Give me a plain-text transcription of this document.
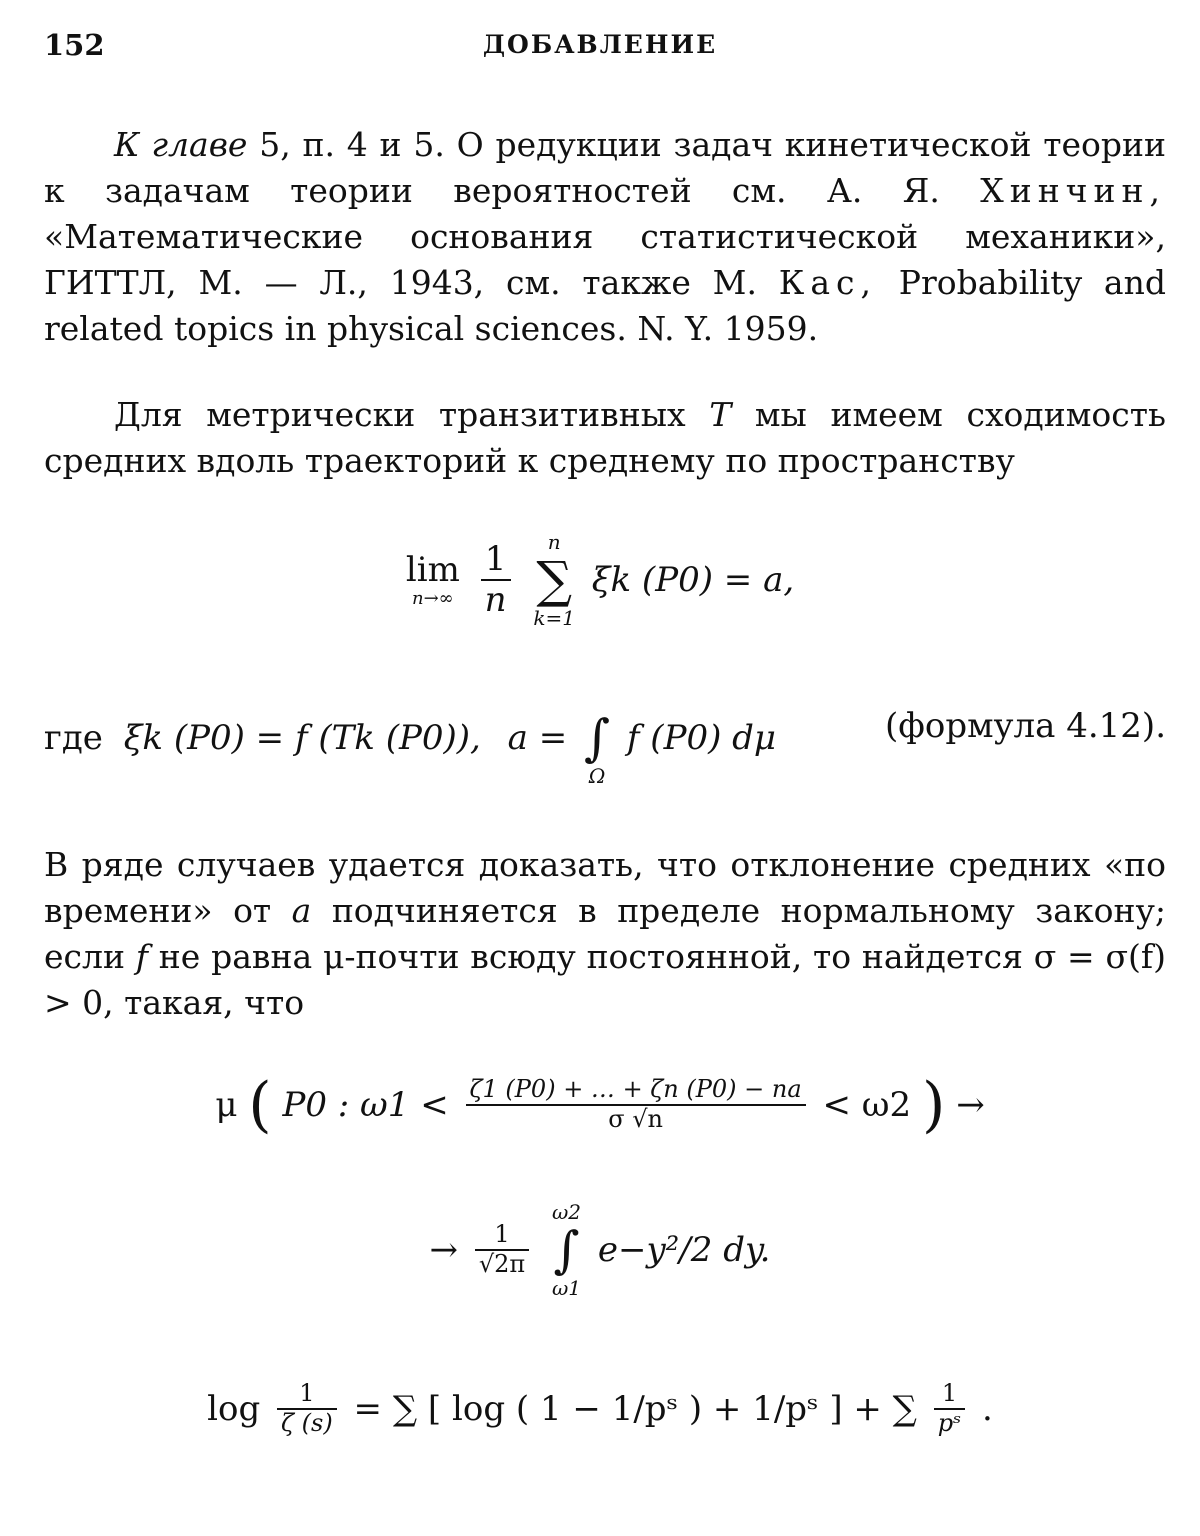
152	ДОБАВЛЕНИЕ

К главе 5, п. 4 и 5. О редукции задач кинетической теории к задачам теории вероятностей см. А. Я. Хинчин, «Математические основания статистической механики», ГИТТЛ, М. — Л., 1943, см. также М. Кас, Probability and related topics in physical sciences. N. Y. 1959.

Для метрически транзитивных T мы имеем сходимость средних вдоль траекторий к среднему по пространству

lim
n→∞
$\frac{1}{n}$
	n
∑
k=1
ξk (P0) = a,
где ξk (P0) = f (Tk (P0)), a =
∫
Ω
f (P0) dμ	(формула 4.12).

В ряде случаев удается доказать, что отклонение средних «по времени» от a подчиняется в пределе нормальному закону; если f не равна μ-почти всюду постоянной, то найдется σ = σ(f) > 0, такая, что

μ ( P0 : $\omega 1 < \frac{\zeta 1 (P0) + \dots + \zeta n (P0) - na}{\sigma √n} < \omega 2$ ) →
→ $\frac{1}{√2\pi}$

ω2
∫
ω1
e−y²/2 dy.
$\log \frac{1}{\zeta (s)}$ = ∑ [ log ( 1 − 1/pˢ ) + 1/pˢ ] + ∑ $\frac{1}{\text{pˢ}}$ .
